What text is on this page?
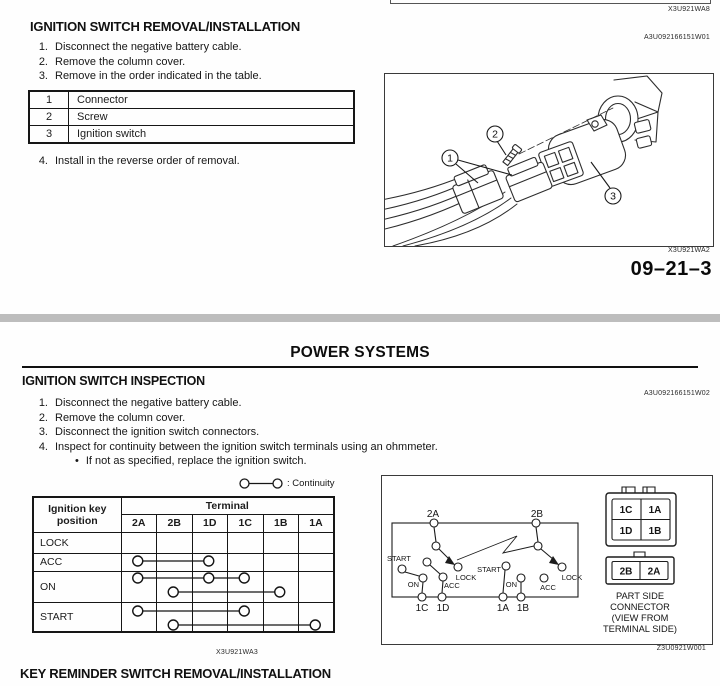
X3U921WA8
IGNITION SWITCH REMOVAL/INSTALLATION
A3U092166151W01
1. Disconnect the negative battery cable.
2. Remove the column cover.
3. Remove in the order indicated in the table.
1	Connector
2	Screw
3	Ignition switch
4. Install in the reverse order of removal.	1
2
3
X3U921WA2
09–21–3
POWER SYSTEMS
IGNITION SWITCH INSPECTION
A3U092166151W02
1. Disconnect the negative battery cable.
2. Remove the column cover.
3. Disconnect the ignition switch connectors.
4. Inspect for continuity between the ignition switch terminals using an ohmmeter.
• If not as specified, replace the ignition switch.
: Continuity
Ignition key position	Terminal					
	2A	2B	1D	1C	1B	1A
LOCK						
ACC						
ON						
START						
X3U921WA3
2A	2B
1C 1D	1A 1B
START
ON	ACC
LOCK
START
ON	ACC
LOCK
1C 1A
1D 1B
2B 2A
PART SIDE
CONNECTOR
(VIEW FROM
TERMINAL SIDE)
Z3U0921W001
KEY REMINDER SWITCH REMOVAL/INSTALLATION
